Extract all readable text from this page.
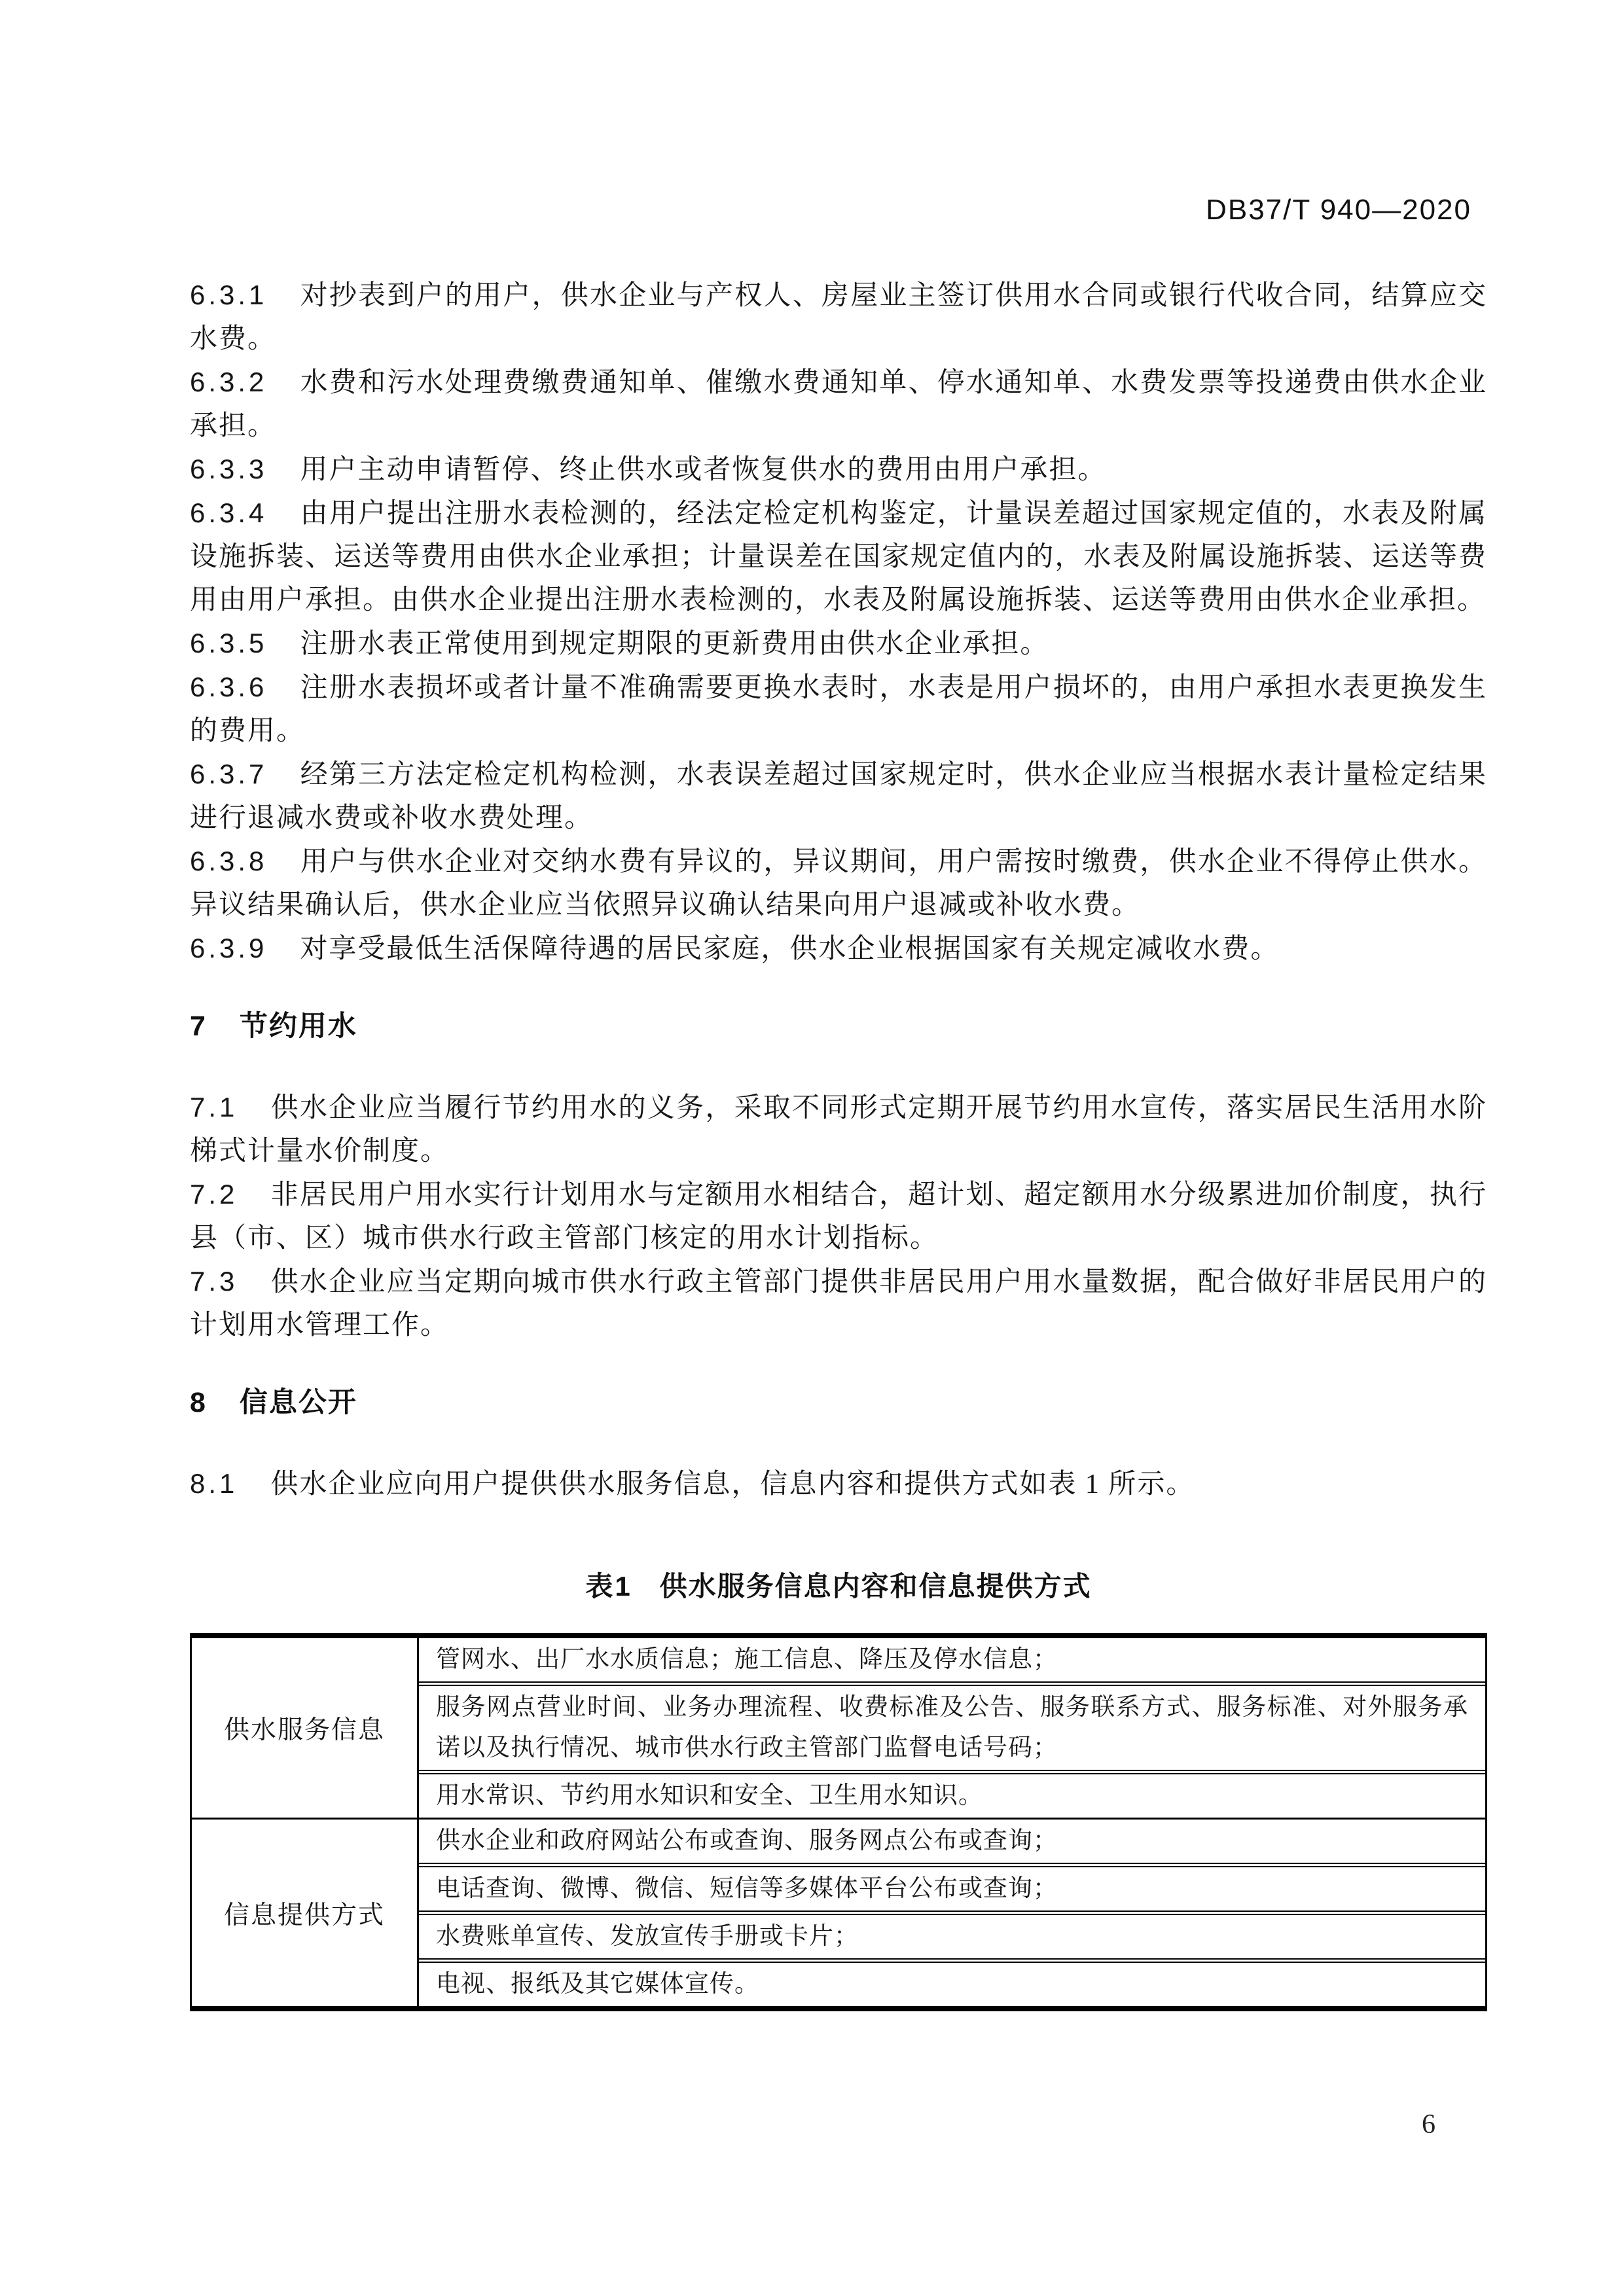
DB37/T 940—2020

6.3.1 对抄表到户的用户，供水企业与产权人、房屋业主签订供用水合同或银行代收合同，结算应交水费。

6.3.2 水费和污水处理费缴费通知单、催缴水费通知单、停水通知单、水费发票等投递费由供水企业承担。

6.3.3 用户主动申请暂停、终止供水或者恢复供水的费用由用户承担。

6.3.4 由用户提出注册水表检测的，经法定检定机构鉴定，计量误差超过国家规定值的，水表及附属设施拆装、运送等费用由供水企业承担；计量误差在国家规定值内的，水表及附属设施拆装、运送等费用由用户承担。由供水企业提出注册水表检测的，水表及附属设施拆装、运送等费用由供水企业承担。

6.3.5 注册水表正常使用到规定期限的更新费用由供水企业承担。

6.3.6 注册水表损坏或者计量不准确需要更换水表时，水表是用户损坏的，由用户承担水表更换发生的费用。

6.3.7 经第三方法定检定机构检测，水表误差超过国家规定时，供水企业应当根据水表计量检定结果进行退减水费或补收水费处理。

6.3.8 用户与供水企业对交纳水费有异议的，异议期间，用户需按时缴费，供水企业不得停止供水。异议结果确认后，供水企业应当依照异议确认结果向用户退减或补收水费。

6.3.9 对享受最低生活保障待遇的居民家庭，供水企业根据国家有关规定减收水费。

7 节约用水

7.1 供水企业应当履行节约用水的义务，采取不同形式定期开展节约用水宣传，落实居民生活用水阶梯式计量水价制度。

7.2 非居民用户用水实行计划用水与定额用水相结合，超计划、超定额用水分级累进加价制度，执行县（市、区）城市供水行政主管部门核定的用水计划指标。

7.3 供水企业应当定期向城市供水行政主管部门提供非居民用户用水量数据，配合做好非居民用户的计划用水管理工作。

8 信息公开

8.1 供水企业应向用户提供供水服务信息，信息内容和提供方式如表 1 所示。

表1 供水服务信息内容和信息提供方式
供水服务信息
管网水、出厂水水质信息；施工信息、降压及停水信息；
服务网点营业时间、业务办理流程、收费标准及公告、服务联系方式、服务标准、对外服务承诺以及执行情况、城市供水行政主管部门监督电话号码；
用水常识、节约用水知识和安全、卫生用水知识。
信息提供方式
供水企业和政府网站公布或查询、服务网点公布或查询；
电话查询、微博、微信、短信等多媒体平台公布或查询；
水费账单宣传、发放宣传手册或卡片；
电视、报纸及其它媒体宣传。
6
